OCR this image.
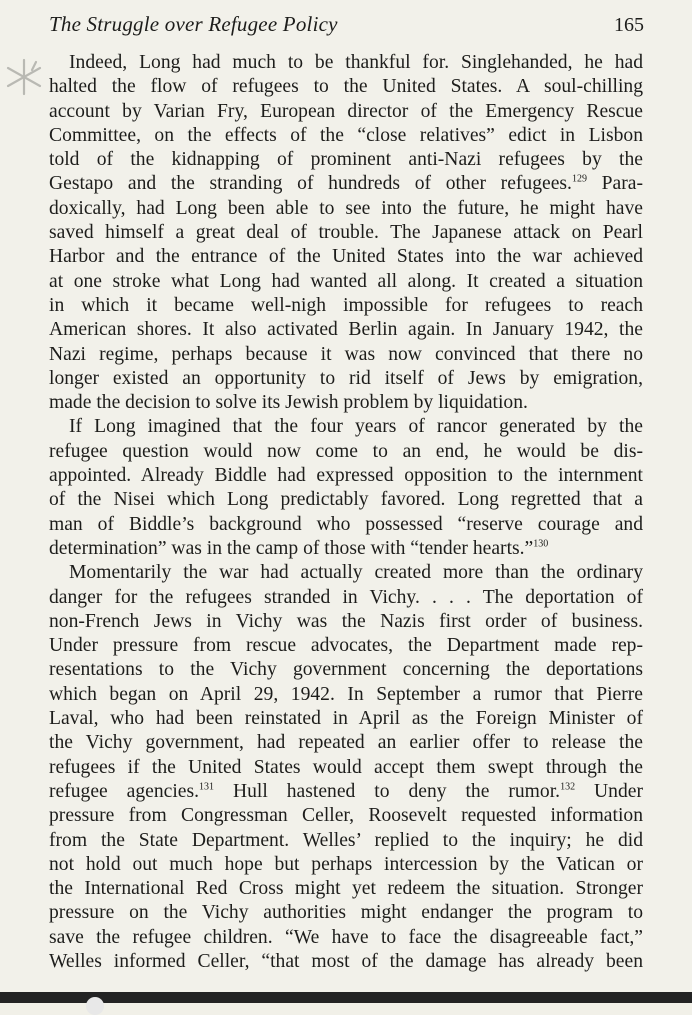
The Struggle over Refugee Policy	165
Indeed, Long had much to be thankful for. Singlehanded, he had
halted the flow of refugees to the United States. A soul-chilling
account by Varian Fry, European director of the Emergency Rescue
Committee, on the effects of the “close relatives” edict in Lisbon
told of the kidnapping of prominent anti-Nazi refugees by the
Gestapo and the stranding of hundreds of other refugees.$^{129}$ Para-
doxically, had Long been able to see into the future, he might have
saved himself a great deal of trouble. The Japanese attack on Pearl
Harbor and the entrance of the United States into the war achieved
at one stroke what Long had wanted all along. It created a situation
in which it became well-nigh impossible for refugees to reach
American shores. It also activated Berlin again. In January 1942, the
Nazi regime, perhaps because it was now convinced that there no
longer existed an opportunity to rid itself of Jews by emigration,
made the decision to solve its Jewish problem by liquidation.
If Long imagined that the four years of rancor generated by the
refugee question would now come to an end, he would be dis-
appointed. Already Biddle had expressed opposition to the internment
of the Nisei which Long predictably favored. Long regretted that a
man of Biddle’s background who possessed “reserve courage and
determination” was in the camp of those with “tender hearts.”$^{130}$
Momentarily the war had actually created more than the ordinary
danger for the refugees stranded in Vichy. . . . The deportation of
non-French Jews in Vichy was the Nazis first order of business.
Under pressure from rescue advocates, the Department made rep-
resentations to the Vichy government concerning the deportations
which began on April 29, 1942. In September a rumor that Pierre
Laval, who had been reinstated in April as the Foreign Minister of
the Vichy government, had repeated an earlier offer to release the
refugees if the United States would accept them swept through the
refugee agencies.$^{131}$ Hull hastened to deny the rumor.$^{132}$ Under
pressure from Congressman Celler, Roosevelt requested information
from the State Department. Welles’ replied to the inquiry; he did
not hold out much hope but perhaps intercession by the Vatican or
the International Red Cross might yet redeem the situation. Stronger
pressure on the Vichy authorities might endanger the program to
save the refugee children. “We have to face the disagreeable fact,”
Welles informed Celler, “that most of the damage has already been
